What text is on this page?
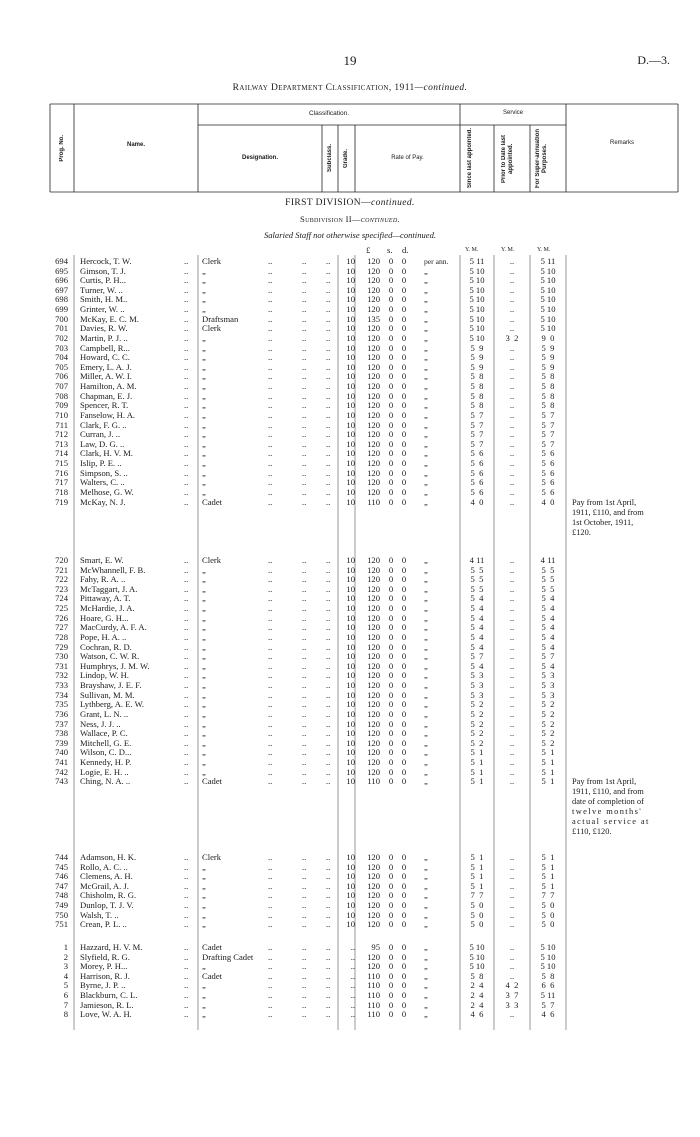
19	D.—3.
Railway Department Classification, 1911—continued.
Prog. No.	Name.
Classification.
Designation.	Subclass. Grade.	Rate of Pay.
Service
Since last appointed.	Prior to Date last appointed.	For Super-annuation Purposes.
Remarks
FIRST DIVISION—continued.
Subdivision II—continued.
Salaried Staff not otherwise specified—continued.
£ s. d.	Y. M.	Y. M.	Y. M.
694 Hercock, T. W.	.. Clerk	..	.. ..	10	120 0 0 per ann.	5 11	..	5 11
695 Gimson, T. J.	.. „	..	.. ..	10	120 0 0 „	5 10	..	5 10
696 Curtis, P. H...	.. „	..	.. ..	10	120 0 0 „	5 10	..	5 10
697 Turner, W. ..	.. „	..	.. ..	10	120 0 0 „	5 10	..	5 10
698 Smith, H. M..	.. „	..	.. ..	10	120 0 0 „	5 10	..	5 10
699 Grinter, W. ..	.. „	..	.. ..	10	120 0 0 „	5 10	..	5 10
700 McKay, E. C. M.	.. Draftsman	..	.. ..	10	135 0 0 „	5 10	..	5 10
701 Davies, R. W.	.. Clerk	..	.. ..	10	120 0 0 „	5 10	..	5 10
702 Martin, P. J. ..	.. „	..	.. ..	10	120 0 0 „	5 10	3  2	9  0
703 Campbell, R...	.. „	..	.. ..	10	120 0 0 „	5  9	..	5  9
704 Howard, C. C.	.. „	..	.. ..	10	120 0 0 „	5  9	..	5  9
705 Emery, L. A. J.	.. „	..	.. ..	10	120 0 0 „	5  9	..	5  9
706 Miller, A. W. I.	.. „	..	.. ..	10	120 0 0 „	5  8	..	5  8
707 Hamilton, A. M.	.. „	..	.. ..	10	120 0 0 „	5  8	..	5  8
708 Chapman, E. J.	.. „	..	.. ..	10	120 0 0 „	5  8	..	5  8
709 Spencer, R. T.	.. „	..	.. ..	10	120 0 0 „	5  8	..	5  8
710 Fanselow, H. A.	.. „	..	.. ..	10	120 0 0 „	5  7	..	5  7
711 Clark, F. G. ..	.. „	..	.. ..	10	120 0 0 „	5  7	..	5  7
712 Curran, J. ..	.. „	..	.. ..	10	120 0 0 „	5  7	..	5  7
713 Law, D. G. ..	.. „	..	.. ..	10	120 0 0 „	5  7	..	5  7
714 Clark, H. V. M.	.. „	..	.. ..	10	120 0 0 „	5  6	..	5  6
715 Islip, P. E. ..	.. „	..	.. ..	10	120 0 0 „	5  6	..	5  6
716 Simpson, S. ..	.. „	..	.. ..	10	120 0 0 „	5  6	..	5  6
717 Walters, C. ..	.. „	..	.. ..	10	120 0 0 „	5  6	..	5  6
718 Melhose, G. W.	.. „	..	.. ..	10	120 0 0 „	5  6	..	5  6
719 McKay, N. J.	.. Cadet	..	.. ..	10	110 0 0 „	4  0	..	4  0	Pay from 1st April,
1911, £110, and from
1st October, 1911,
£120.
720 Smart, E. W.	.. Clerk	..	.. ..	10	120 0 0 „	4 11	..	4 11
721 McWhannell, F. B.	.. „	..	.. ..	10	120 0 0 „	5  5	..	5  5
722 Fahy, R. A. ..	.. „	..	.. ..	10	120 0 0 „	5  5	..	5  5
723 McTaggart, J. A.	.. „	..	.. ..	10	120 0 0 „	5  5	..	5  5
724 Pittaway, A. T.	.. „	..	.. ..	10	120 0 0 „	5  4	..	5  4
725 McHardie, J. A.	.. „	..	.. ..	10	120 0 0 „	5  4	..	5  4
726 Hoare, G. H...	.. „	..	.. ..	10	120 0 0 „	5  4	..	5  4
727 MacCurdy, A. F. A.	.. „	..	.. ..	10	120 0 0 „	5  4	..	5  4
728 Pope, H. A. ..	.. „	..	.. ..	10	120 0 0 „	5  4	..	5  4
729 Cochran, R. D.	.. „	..	.. ..	10	120 0 0 „	5  4	..	5  4
730 Watson, C. W. R.	.. „	..	.. ..	10	120 0 0 „	5  7	..	5  7
731 Humphrys, J. M. W.	.. „	..	.. ..	10	120 0 0 „	5  4	..	5  4
732 Lindop, W. H.	.. „	..	.. ..	10	120 0 0 „	5  3	..	5  3
733 Brayshaw, J. E. F.	.. „	..	.. ..	10	120 0 0 „	5  3	..	5  3
734 Sullivan, M. M.	.. „	..	.. ..	10	120 0 0 „	5  3	..	5  3
735 Lythberg, A. E. W.	.. „	..	.. ..	10	120 0 0 „	5  2	..	5  2
736 Grant, L. N. ..	.. „	..	.. ..	10	120 0 0 „	5  2	..	5  2
737 Ness, J. J. ..	.. „	..	.. ..	10	120 0 0 „	5  2	..	5  2
738 Wallace, P. C.	.. „	..	.. ..	10	120 0 0 „	5  2	..	5  2
739 Mitchell, G. E.	.. „	..	.. ..	10	120 0 0 „	5  2	..	5  2
740 Wilson, C. D...	.. „	..	.. ..	10	120 0 0 „	5  1	..	5  1
741 Kennedy, H. P.	.. „	..	.. ..	10	120 0 0 „	5  1	..	5  1
742 Logie, E. H. ..	.. „	..	.. ..	10	120 0 0 „	5  1	..	5  1
743 Ching, N. A. ..	.. Cadet	..	.. ..	10	110 0 0 „	5  1	..	5  1	Pay from 1st April,
1911, £110, and from
date of completion of
twelve months'
actual service at
£110, £120.
744 Adamson, H. K.	.. Clerk	..	.. ..	10	120 0 0 „	5  1	..	5  1
745 Rollo, A. C. ..	.. „	..	.. ..	10	120 0 0 „	5  1	..	5  1
746 Clemens, A. H.	.. „	..	.. ..	10	120 0 0 „	5  1	..	5  1
747 McGrail, A. J.	.. „	..	.. ..	10	120 0 0 „	5  1	..	5  1
748 Chisholm, R. G.	.. „	..	.. ..	10	120 0 0 „	7  7	..	7  7
749 Dunlop, T. J. V.	.. „	..	.. ..	10	120 0 0 „	5  0	..	5  0
750 Walsh, T. ..	.. „	..	.. ..	10	120 0 0 „	5  0	..	5  0
751 Crean, P. L. ..	.. „	..	.. ..	10	120 0 0 „	5  0	..	5  0
1 Hazzard, H. V. M.	.. Cadet	..	.. ..	..	95 0 0 „	5 10	..	5 10
2 Slyfield, R. G.	.. Drafting Cadet ..	.. ..	..	120 0 0 „	5 10	..	5 10
3 Morey, P. H...	.. „	..	.. ..	..	120 0 0 „	5 10	..	5 10
4 Harrison, R. J.	.. Cadet	..	.. ..	..	110 0 0 „	5  8	..	5  8
5 Byrne, J. P. ..	.. „	..	.. ..	..	110 0 0 „	2  4	4  2	6  6
6 Blackburn, C. L.	.. „	..	.. ..	..	110 0 0 „	2  4	3  7	5 11
7 Jamieson, R. L.	.. „	..	.. ..	..	110 0 0 „	2  4	3  3	5  7
8 Love, W. A. H.	.. „	..	.. ..	..	110 0 0 „	4  6	..	4  6
